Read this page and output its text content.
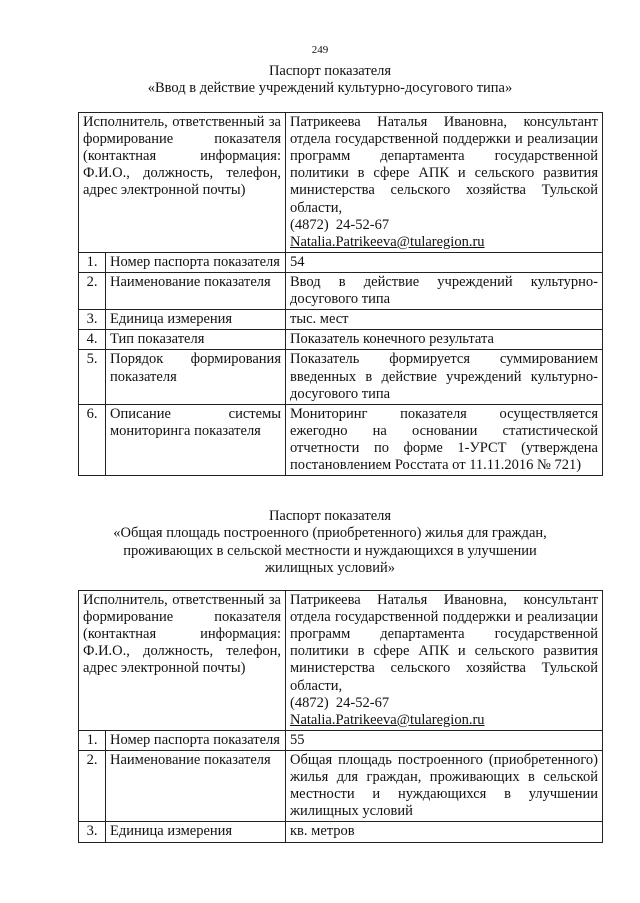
249
Паспорт показателя
«Ввод в действие учреждений культурно-досугового типа»
Исполнитель, ответственный за формирование показателя (контактная информация: Ф.И.О., должность, телефон, адрес электронной почты)		Патрикеева Наталья Ивановна, консультант отдела государственной поддержки и реализации программ департамента государственной политики в сфере АПК и сельского развития министерства сельского хозяйства Тульской области,
(4872)  24-52-67
Natalia.Patrikeeva@tularegion.ru

1.	Номер паспорта показателя	54
2.	Наименование показателя	Ввод в действие учреждений культурно-досугового типа
3.	Единица измерения	тыс. мест
4.	Тип показателя	Показатель конечного результата
5.	Порядок формирования показателя	Показатель формируется суммированием введенных в действие учреждений культурно-досугового типа
6.	Описание системы мониторинга показателя	Мониторинг показателя осуществляется ежегодно на основании статистической отчетности по форме 1-УРСТ (утверждена постановлением Росстата от 11.11.2016 № 721)
Паспорт показателя
«Общая площадь построенного (приобретенного) жилья для граждан,
проживающих в сельской местности и нуждающихся в улучшении
жилищных условий»
Исполнитель, ответственный за формирование показателя (контактная информация: Ф.И.О., должность, телефон, адрес электронной почты)		Патрикеева Наталья Ивановна, консультант отдела государственной поддержки и реализации программ департамента государственной политики в сфере АПК и сельского развития министерства сельского хозяйства Тульской области,
(4872)  24-52-67
Natalia.Patrikeeva@tularegion.ru

1.	Номер паспорта показателя	55
2.	Наименование показателя	Общая площадь построенного (приобретенного) жилья для граждан, проживающих в сельской местности и нуждающихся в улучшении жилищных условий
3.	Единица измерения	кв. метров
